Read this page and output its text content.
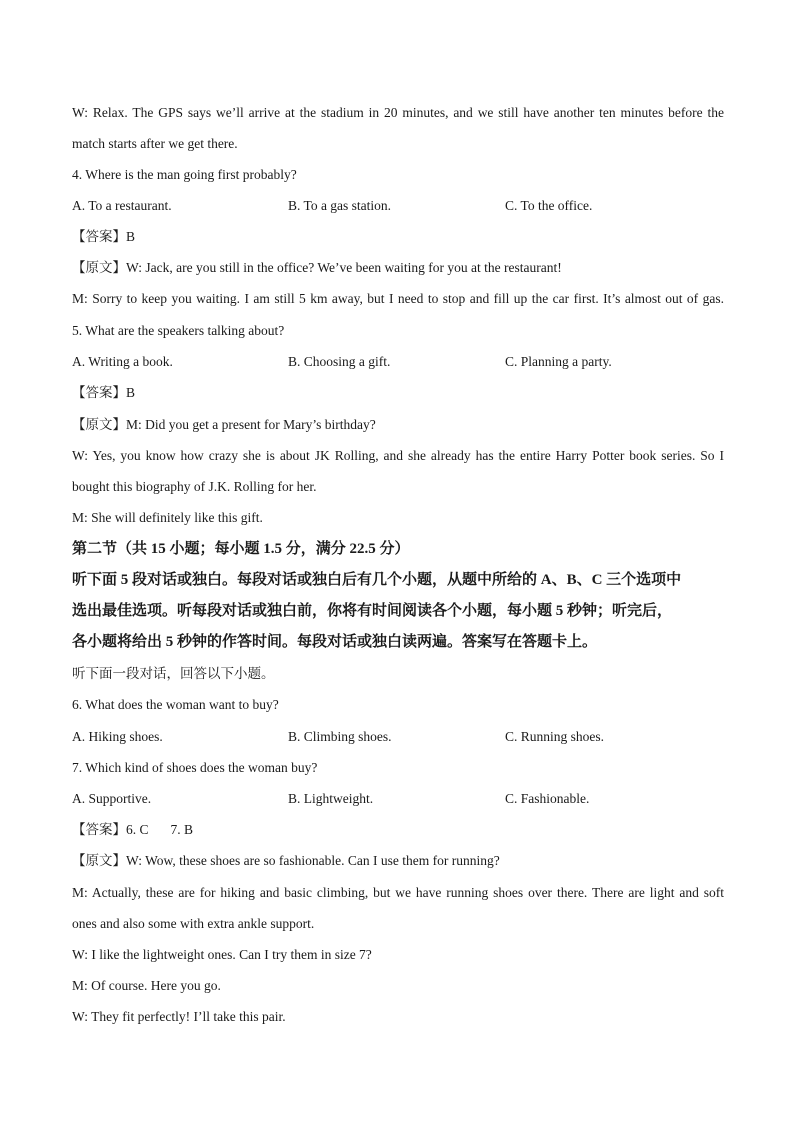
W: Relax. The GPS says we’ll arrive at the stadium in 20 minutes, and we still have another ten minutes before the
match starts after we get there.
4. Where is the man going first probably?
A. To a restaurant.	B. To a gas station.	C. To the office.
【答案】B
【原文】W: Jack, are you still in the office? We’ve been waiting for you at the restaurant!
M: Sorry to keep you waiting. I am still 5 km away, but I need to stop and fill up the car first. It’s almost out of gas.
5. What are the speakers talking about?
A. Writing a book.	B. Choosing a gift.	C. Planning a party.
【答案】B
【原文】M: Did you get a present for Mary’s birthday?
W: Yes, you know how crazy she is about JK Rolling, and she already has the entire Harry Potter book series. So I
bought this biography of J.K. Rolling for her.
M: She will definitely like this gift.
第二节（共 15 小题；每小题 1.5 分，满分 22.5 分）
听下面 5 段对话或独白。每段对话或独白后有几个小题，从题中所给的 A、B、C 三个选项中
选出最佳选项。听每段对话或独白前，你将有时间阅读各个小题，每小题 5 秒钟；听完后，
各小题将给出 5 秒钟的作答时间。每段对话或独白读两遍。答案写在答题卡上。
听下面一段对话，回答以下小题。
6. What does the woman want to buy?
A. Hiking shoes.	B. Climbing shoes.	C. Running shoes.
7. Which kind of shoes does the woman buy?
A. Supportive.	B. Lightweight.	C. Fashionable.
【答案】6. C 7. B
【原文】W: Wow, these shoes are so fashionable. Can I use them for running?
M: Actually, these are for hiking and basic climbing, but we have running shoes over there. There are light and soft
ones and also some with extra ankle support.
W: I like the lightweight ones. Can I try them in size 7?
M: Of course. Here you go.
W: They fit perfectly! I’ll take this pair.
